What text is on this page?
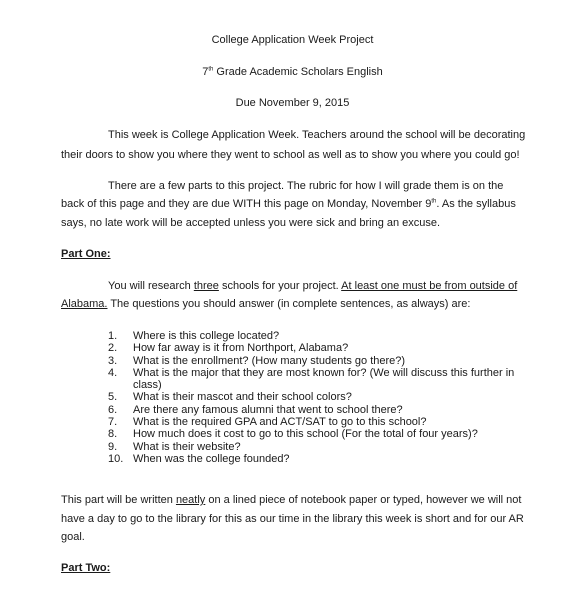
College Application Week Project
7th Grade Academic Scholars English
Due November 9, 2015
This week is College Application Week. Teachers around the school will be decorating
their doors to show you where they went to school as well as to show you where you could go!
There are a few parts to this project. The rubric for how I will grade them is on the
back of this page and they are due WITH this page on Monday, November 9th. As the syllabus
says, no late work will be accepted unless you were sick and bring an excuse.
Part One:
You will research three schools for your project. At least one must be from outside of
Alabama. The questions you should answer (in complete sentences, as always) are:
1. Where is this college located?
2. How far away is it from Northport, Alabama?
3. What is the enrollment? (How many students go there?)
4. What is the major that they are most known for? (We will discuss this further in class)
5. What is their mascot and their school colors?
6. Are there any famous alumni that went to school there?
7. What is the required GPA and ACT/SAT to go to this school?
8. How much does it cost to go to this school (For the total of four years)?
9. What is their website?
10. When was the college founded?
This part will be written neatly on a lined piece of notebook paper or typed, however we will not
have a day to go to the library for this as our time in the library this week is short and for our AR
goal.
Part Two:
